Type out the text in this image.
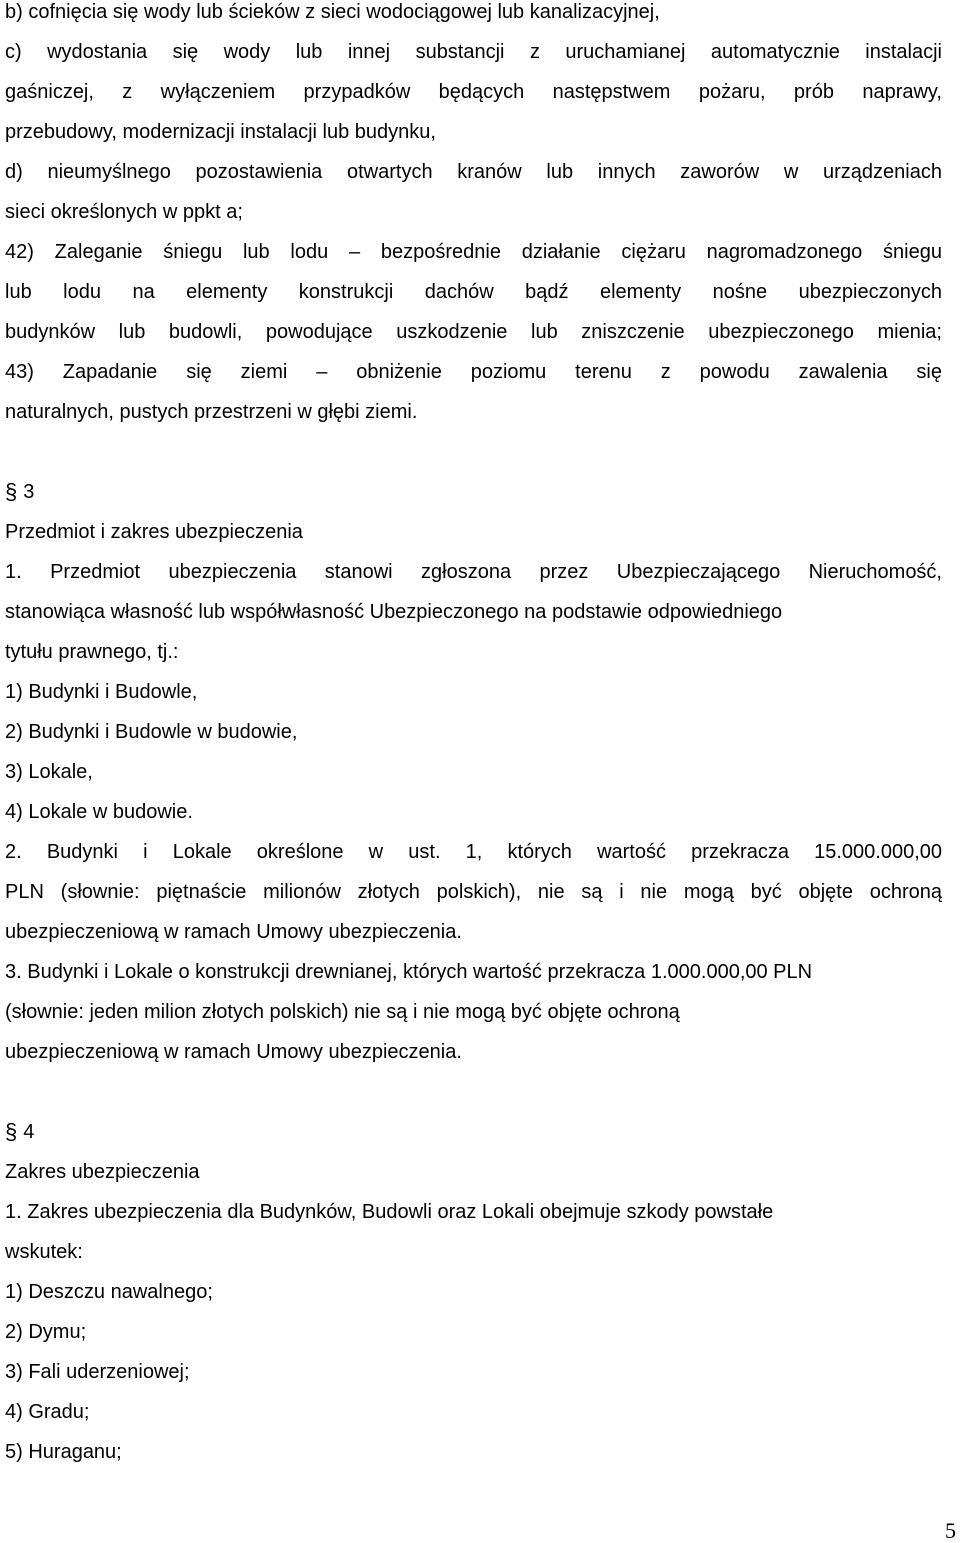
b) cofnięcia się wody lub ścieków z sieci wodociągowej lub kanalizacyjnej,
c) wydostania się wody lub innej substancji z uruchamianej automatycznie instalacji
gaśniczej, z wyłączeniem przypadków będących następstwem pożaru, prób naprawy,
przebudowy, modernizacji instalacji lub budynku,
d) nieumyślnego pozostawienia otwartych kranów lub innych zaworów w urządzeniach
sieci określonych w ppkt a;
42) Zaleganie śniegu lub lodu – bezpośrednie działanie ciężaru nagromadzonego śniegu
lub lodu na elementy konstrukcji dachów bądź elementy nośne ubezpieczonych
budynków lub budowli, powodujące uszkodzenie lub zniszczenie ubezpieczonego mienia;
43) Zapadanie się ziemi – obniżenie poziomu terenu z powodu zawalenia się
naturalnych, pustych przestrzeni w głębi ziemi.
§ 3
Przedmiot i zakres ubezpieczenia
1. Przedmiot ubezpieczenia stanowi zgłoszona przez Ubezpieczającego Nieruchomość,
stanowiąca własność lub współwłasność Ubezpieczonego na podstawie odpowiedniego
tytułu prawnego, tj.:
1) Budynki i Budowle,
2) Budynki i Budowle w budowie,
3) Lokale,
4) Lokale w budowie.
2. Budynki i Lokale określone w ust. 1, których wartość przekracza 15.000.000,00
PLN (słownie: piętnaście milionów złotych polskich), nie są i nie mogą być objęte ochroną
ubezpieczeniową w ramach Umowy ubezpieczenia.
3. Budynki i Lokale o konstrukcji drewnianej, których wartość przekracza 1.000.000,00 PLN
(słownie: jeden milion złotych polskich) nie są i nie mogą być objęte ochroną
ubezpieczeniową w ramach Umowy ubezpieczenia.
§ 4
Zakres ubezpieczenia
1. Zakres ubezpieczenia dla Budynków, Budowli oraz Lokali obejmuje szkody powstałe
wskutek:
1) Deszczu nawalnego;
2) Dymu;
3) Fali uderzeniowej;
4) Gradu;
5) Huraganu;
5
